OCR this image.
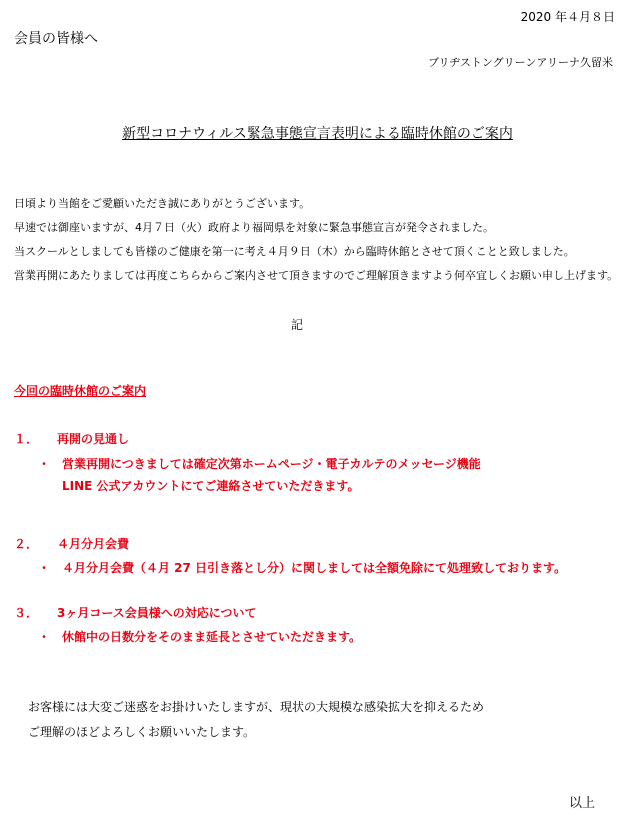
2020 年４月８日
会員の皆様へ
ブリヂストングリーンアリーナ久留米
新型コロナウィルス緊急事態宣言表明による臨時休館のご案内
日頃より当館をご愛顧いただき誠にありがとうございます。
早速では御座いますが、4月７日（火）政府より福岡県を対象に緊急事態宣言が発令されました。
当スクールとしましても皆様のご健康を第一に考え４月９日（木）から臨時休館とさせて頂くことと致しました。
営業再開にあたりましては再度こちらからご案内させて頂きますのでご理解頂きますよう何卒宜しくお願い申し上げます。
記
今回の臨時休館のご案内
１． 再開の見通し
・ 営業再開につきましては確定次第ホームページ・電子カルテのメッセージ機能
LINE 公式アカウントにてご連絡させていただきます。
２． ４月分月会費
・ ４月分月会費（４月 27 日引き落とし分）に関しましては全額免除にて処理致しております。
３． 3ヶ月コース会員様への対応について
・ 休館中の日数分をそのまま延長とさせていただきます。
お客様には大変ご迷惑をお掛けいたしますが、現状の大規模な感染拡大を抑えるため
ご理解のほどよろしくお願いいたします。
以上
